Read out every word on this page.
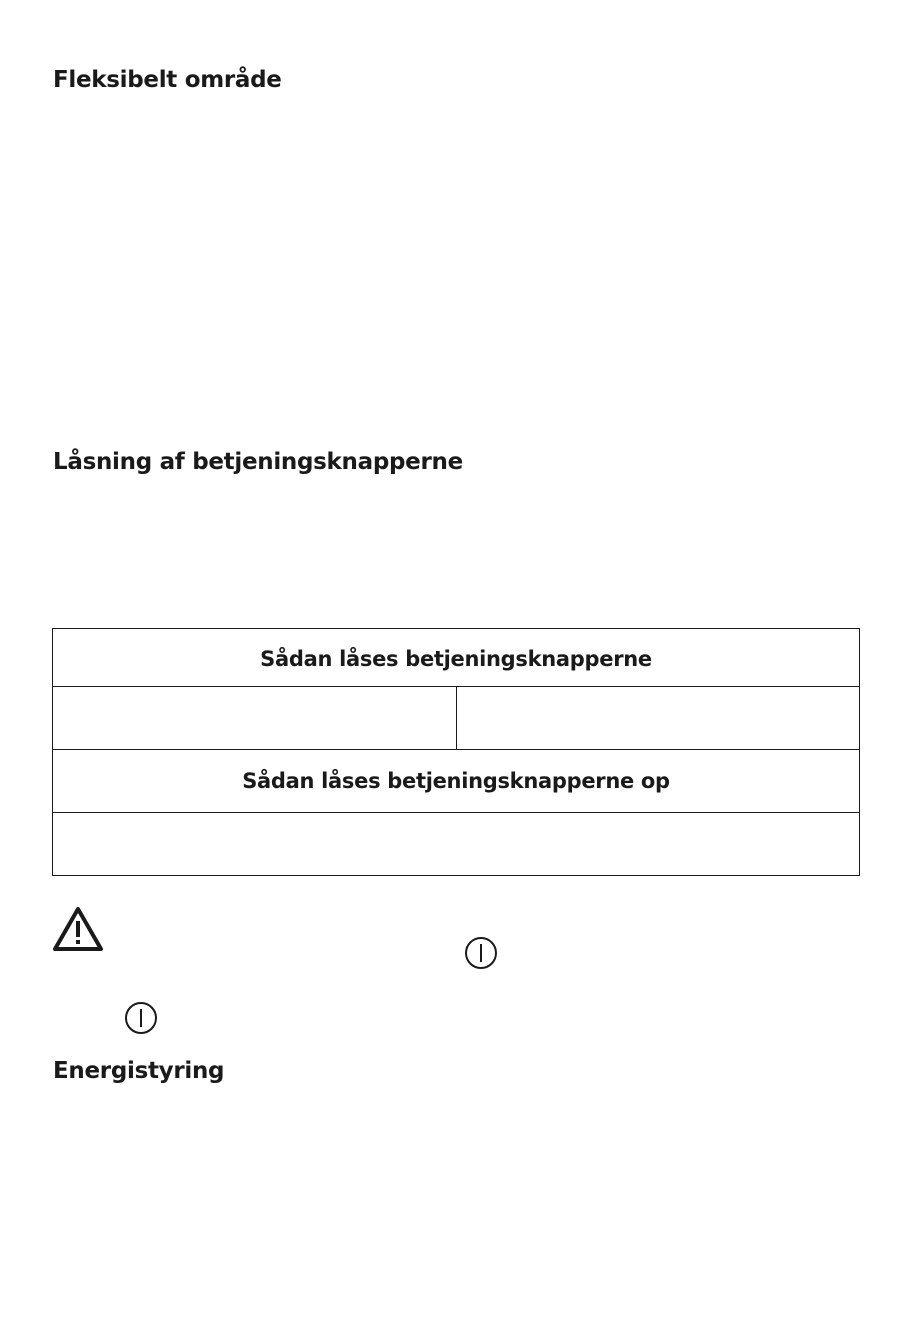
Fleksibelt område
Låsning af betjeningsknapperne
Sådan låses betjeningsknapperne
Sådan låses betjeningsknapperne op
Energistyring
